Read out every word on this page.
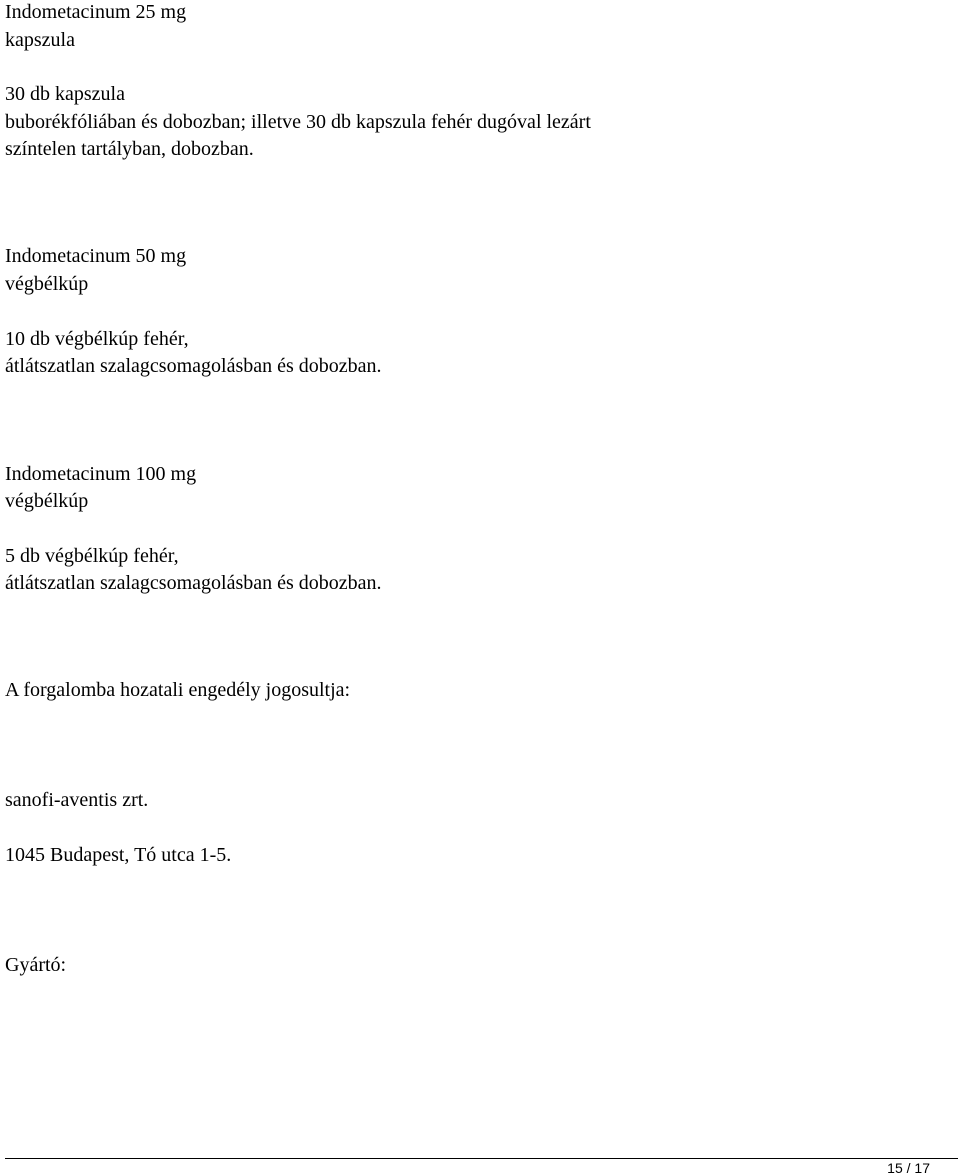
Indometacinum 25 mg
kapszula
30 db kapszula
buborékfóliában és dobozban; illetve 30 db kapszula fehér dugóval lezárt
színtelen tartályban, dobozban.
Indometacinum 50 mg
végbélkúp
10 db végbélkúp fehér,
átlátszatlan szalagcsomagolásban és dobozban.
Indometacinum 100 mg
végbélkúp
5 db végbélkúp fehér,
átlátszatlan szalagcsomagolásban és dobozban.
A forgalomba hozatali engedély jogosultja:
sanofi-aventis zrt.
1045 Budapest, Tó utca 1-5.
Gyártó:
15 / 17
